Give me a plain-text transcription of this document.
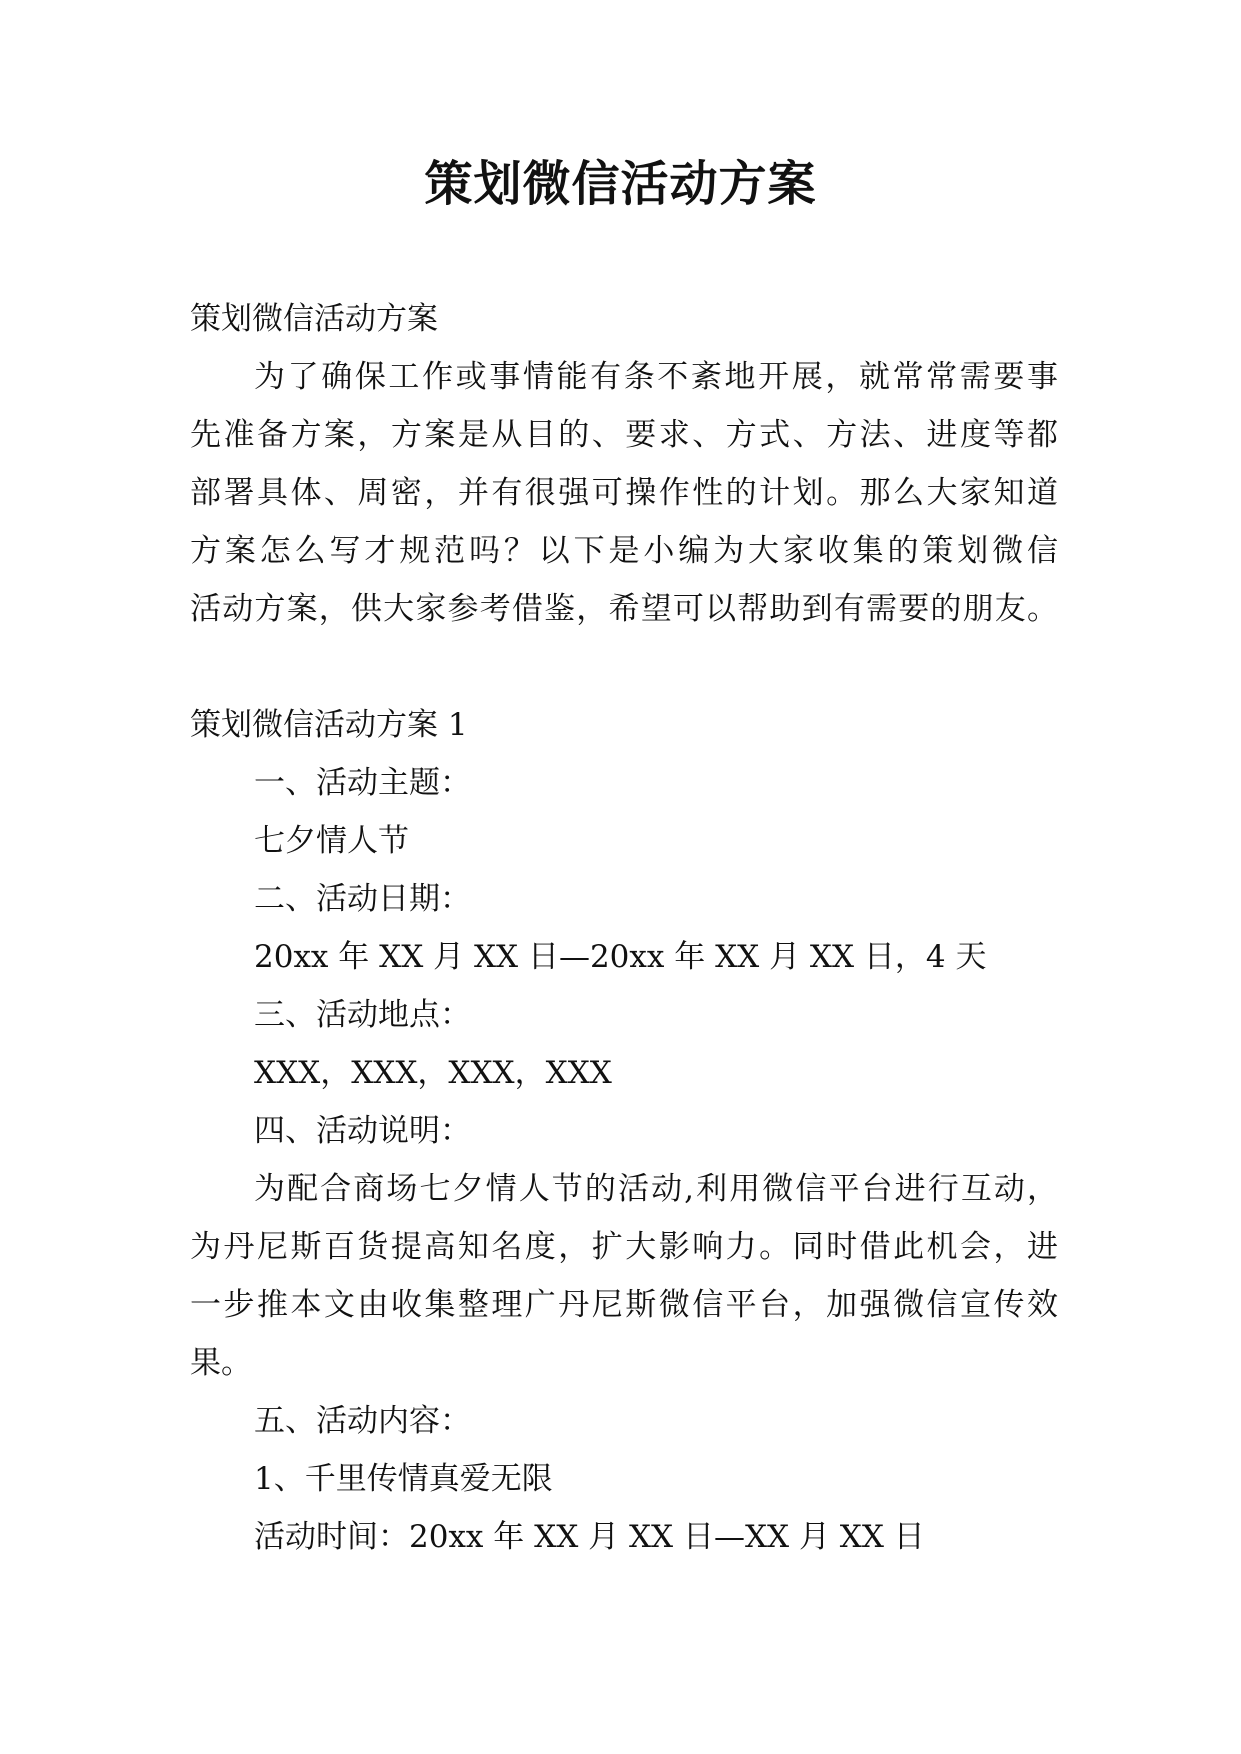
策划微信活动方案

策划微信活动方案

为了确保工作或事情能有条不紊地开展，就常常需要事

先准备方案，方案是从目的、要求、方式、方法、进度等都

部署具体、周密，并有很强可操作性的计划。那么大家知道

方案怎么写才规范吗？以下是小编为大家收集的策划微信

活动方案，供大家参考借鉴，希望可以帮助到有需要的朋友。

策划微信活动方案 1

一、活动主题：

七夕情人节

二、活动日期：

20xx 年 XX 月 XX 日—20xx 年 XX 月 XX 日，4 天

三、活动地点：

XXX，XXX，XXX，XXX

四、活动说明：

为配合商场七夕情人节的活动,利用微信平台进行互动，

为丹尼斯百货提高知名度，扩大影响力。同时借此机会，进

一步推本文由收集整理广丹尼斯微信平台，加强微信宣传效

果。

五、活动内容：

1、千里传情真爱无限

活动时间：20xx 年 XX 月 XX 日—XX 月 XX 日
